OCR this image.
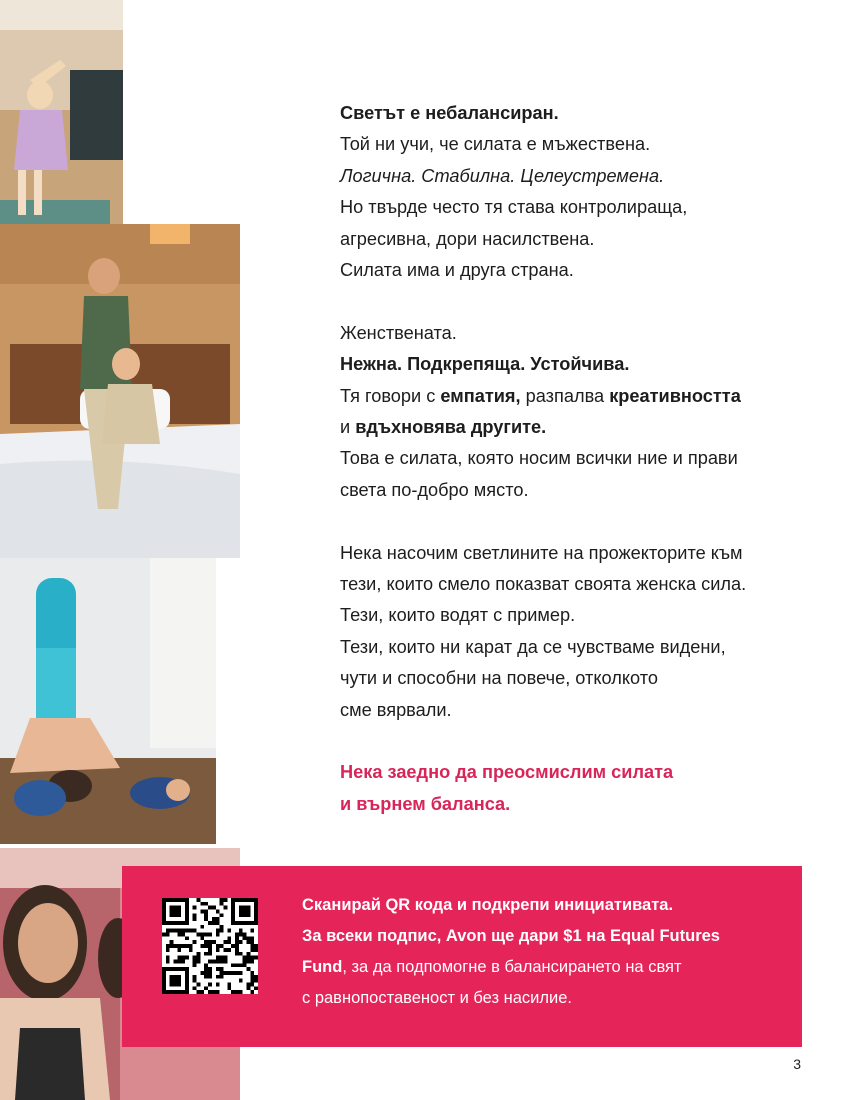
Светът е небалансиран.

Той ни учи, че силата е мъжествена.

Логична. Стабилна. Целеустремена.

Но твърде често тя става контролираща,

агресивна, дори насилствена.

Силата има и друга страна.

Женствената.

Нежна. Подкрепяща. Устойчива.

Тя говори с емпатия, разпалва креативността

и вдъхновява другите.

Това е силата, която носим всички ние и прави

света по-добро място.

Нека насочим светлините на прожекторите към

тези, които смело показват своята женска сила.

Тези, които водят с пример.

Тези, които ни карат да се чувстваме видени,

чути и способни на повече, отколкото

сме вярвали.

Нека заедно да преосмислим силата

и върнем баланса.

Сканирай QR кода и подкрепи инициативата.

За всеки подпис, Avon ще дари $1 на Equal Futures

Fund, за да подпомогне в балансирането на свят

с равнопоставеност и без насилие.

3
